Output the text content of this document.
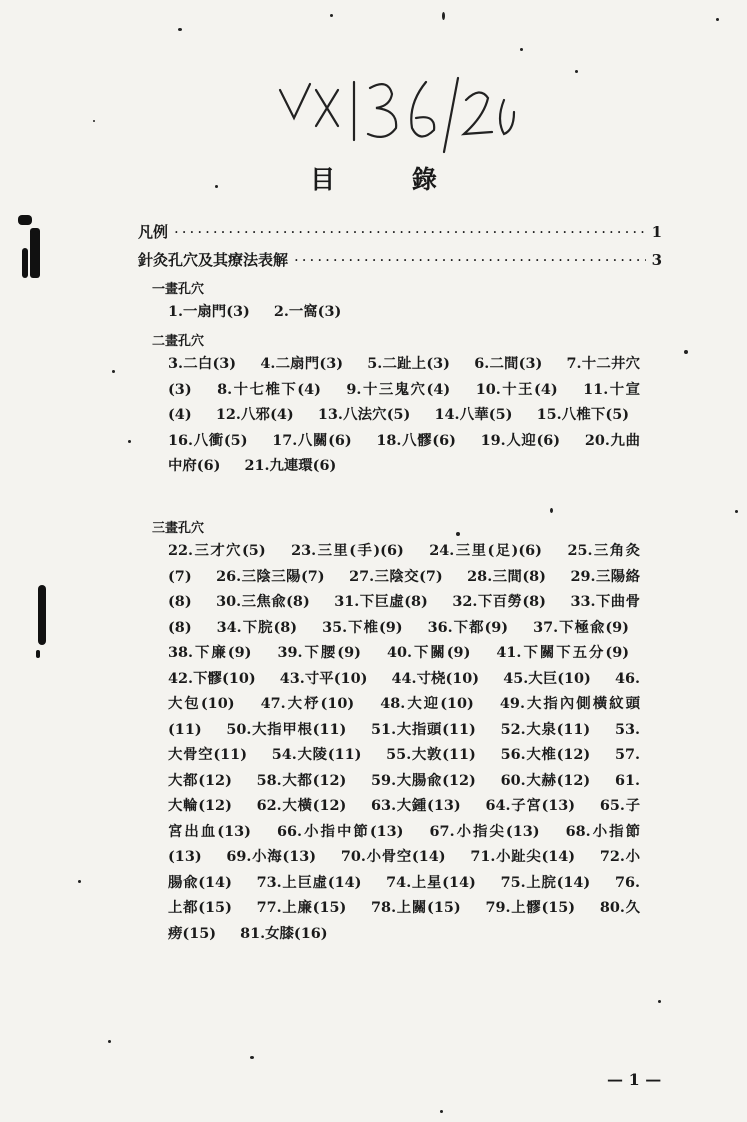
目 錄
凡例 ·····	1
針灸孔穴及其療法表解 ·····	3
一畫孔穴
1.一扇門(3) 2.一窩(3)
二畫孔穴
3.二白(3) 4.二扇門(3) 5.二趾上(3) 6.二間(3) 7.十二井穴(3) 8.十七椎下(4) 9.十三鬼穴(4) 10.十王(4) 11.十宣(4) 12.八邪(4) 13.八法穴(5) 14.八華(5) 15.八椎下(5) 16.八衝(5) 17.八關(6) 18.八髎(6) 19.人迎(6) 20.九曲中府(6) 21.九連環(6)
三畫孔穴
22.三才穴(5) 23.三里(手)(6) 24.三里(足)(6) 25.三角灸(7) 26.三陰三陽(7) 27.三陰交(7) 28.三間(8) 29.三陽絡(8) 30.三焦兪(8) 31.下巨虛(8) 32.下百勞(8) 33.下曲骨(8) 34.下脘(8) 35.下椎(9) 36.下都(9) 37.下極兪(9) 38.下廉(9) 39.下腰(9) 40.下關(9) 41.下關下五分(9) 42.下髎(10) 43.寸平(10) 44.寸桡(10) 45.大巨(10) 46.大包(10) 47.大杼(10) 48.大迎(10) 49.大指內側橫紋頭(11) 50.大指甲根(11) 51.大指頭(11) 52.大泉(11) 53.大骨空(11) 54.大陵(11) 55.大敦(11) 56.大椎(12) 57.大都(12) 58.大都(12) 59.大腸兪(12) 60.大赫(12) 61.大輪(12) 62.大橫(12) 63.大鍾(13) 64.子宮(13) 65.子宮出血(13) 66.小指中節(13) 67.小指尖(13) 68.小指節(13) 69.小海(13) 70.小骨空(14) 71.小趾尖(14) 72.小腸兪(14) 73.上巨虛(14) 74.上星(14) 75.上脘(14) 76.上都(15) 77.上廉(15) 78.上關(15) 79.上髎(15) 80.久痨(15) 81.女膝(16)
— 1 —
